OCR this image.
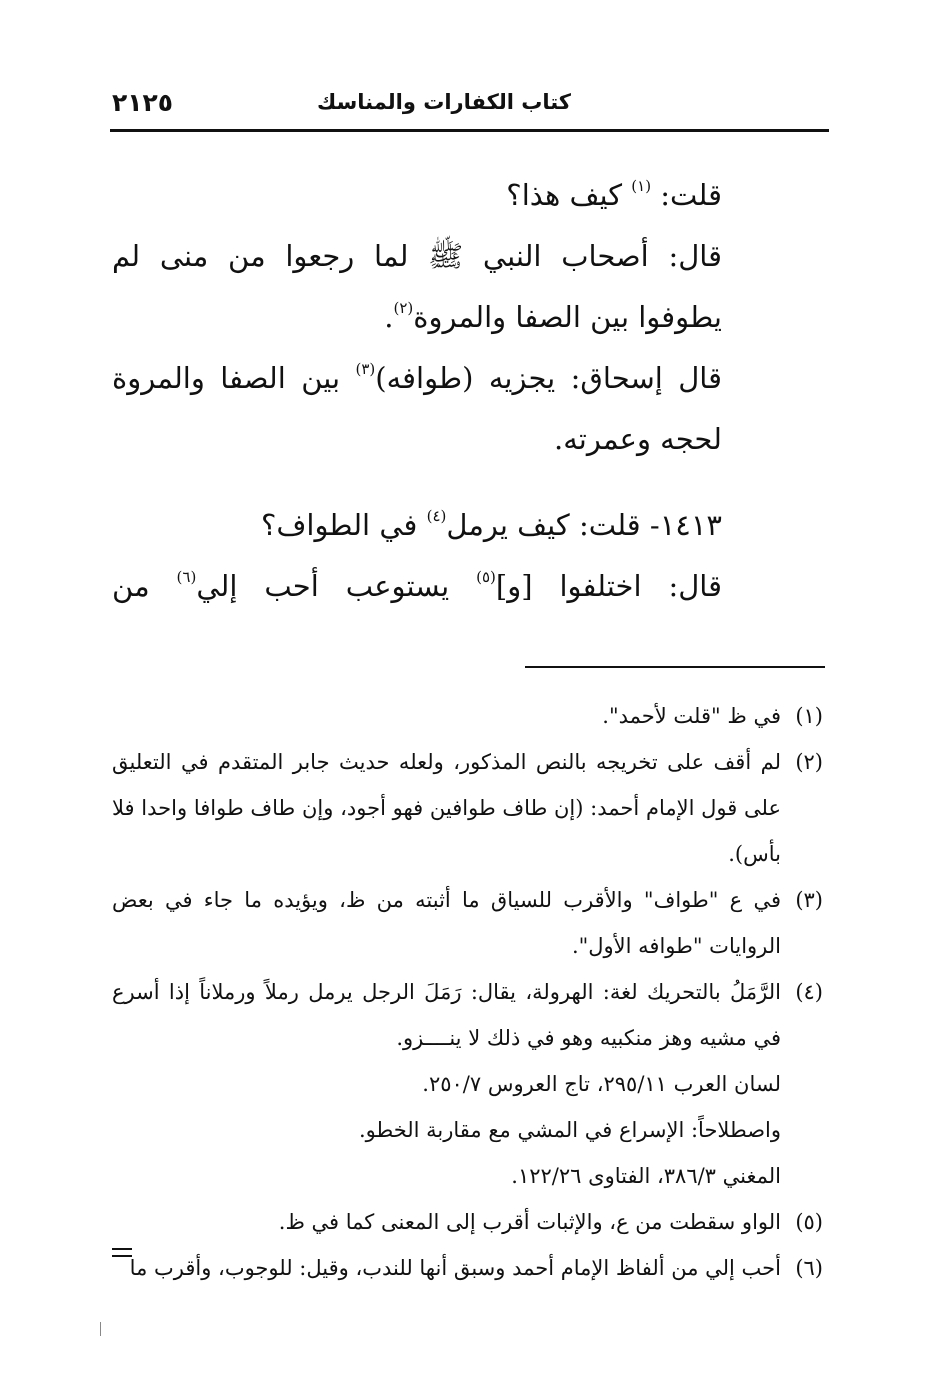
كتاب الكفارات والمناسك
٢١٢٥

قلت: $^{(١)}$ كيف هذا؟

قال: أصحاب النبي ﷺ لما رجعوا من منى لم يطوفوا بين الصفا والمروة$^{(٢)}$.

قال إسحاق: يجزيه (طوافه)$^{(٣)}$ بين الصفا والمروة لحجه وعمرته.

١٤١٣- قلت: كيف يرمل$^{(٤)}$ في الطواف؟

قال: اختلفوا [و]$^{(٥)}$ يستوعب أحب إلي$^{(٦)}$ من

(١)
في ظ "قلت لأحمد".
(٢)
لم أقف على تخريجه بالنص المذكور، ولعله حديث جابر المتقدم في التعليق على قول الإمام أحمد: (إن طاف طوافين فهو أجود، وإن طاف طوافا واحدا فلا بأس).
(٣)
في ع "طواف" والأقرب للسياق ما أثبته من ظ، ويؤيده ما جاء في بعض الروايات "طوافه الأول".
(٤)
الرَّمَلُ بالتحريك لغة: الهرولة، يقال: رَمَلَ الرجل يرمل رملاً ورملاناً إذا أسرع في مشيه وهز منكبيه وهو في ذلك لا ينــــزو.
لسان العرب ٢٩٥/١١، تاج العروس ٢٥٠/٧.
واصطلاحاً: الإسراع في المشي مع مقاربة الخطو.
المغني ٣٨٦/٣، الفتاوى ١٢٢/٢٦.
(٥)
الواو سقطت من ع، والإثبات أقرب إلى المعنى كما في ظ.
(٦)
أحب إلي من ألفاظ الإمام أحمد وسبق أنها للندب، وقيل: للوجوب، وأقرب ما
